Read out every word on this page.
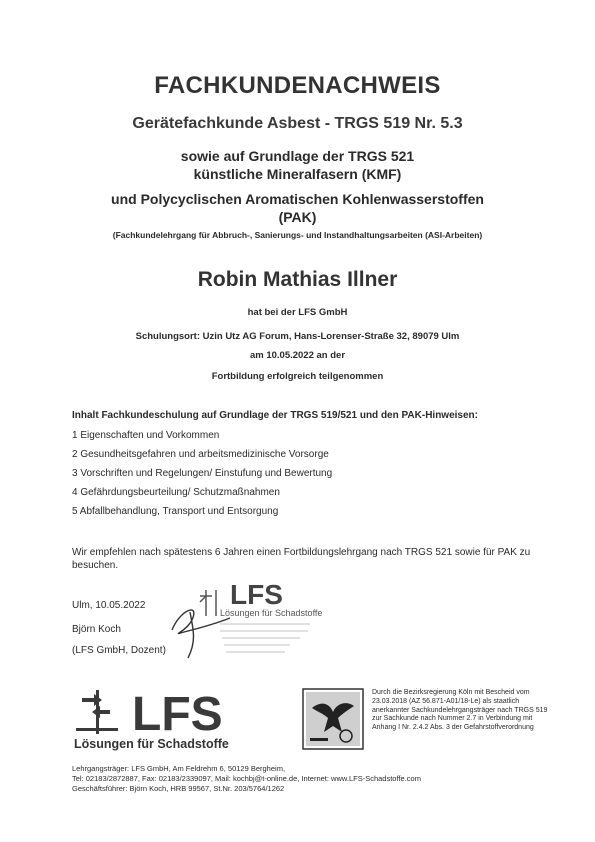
FACHKUNDENACHWEIS
Gerätefachkunde Asbest - TRGS 519 Nr. 5.3
sowie auf Grundlage der TRGS 521
künstliche Mineralfasern (KMF)
und Polycyclischen Aromatischen Kohlenwasserstoffen
(PAK)
(Fachkundelehrgang für Abbruch-, Sanierungs- und Instandhaltungsarbeiten (ASI-Arbeiten)
Robin Mathias Illner
hat bei der LFS GmbH
Schulungsort: Uzin Utz AG Forum, Hans-Lorenser-Straße 32, 89079 Ulm
am 10.05.2022 an der
Fortbildung erfolgreich teilgenommen
Inhalt Fachkundeschulung auf Grundlage der TRGS 519/521 und den PAK-Hinweisen:
1 Eigenschaften und Vorkommen
2 Gesundheitsgefahren und arbeitsmedizinische Vorsorge
3 Vorschriften und Regelungen/ Einstufung und Bewertung
4 Gefährdungsbeurteilung/ Schutzmaßnahmen
5 Abfallbehandlung, Transport und Entsorgung
Wir empfehlen nach spätestens 6 Jahren einen Fortbildungslehrgang nach TRGS 521 sowie für PAK zu besuchen.
LFS
Lösungen für Schadstoffe
Ulm, 10.05.2022
Björn Koch
(LFS GmbH, Dozent)
LFS
Lösungen für Schadstoffe
Durch die Bezirksregierung Köln mit Bescheid vom 23.03.2018 (AZ 56.871-A01/18-Le) als staatlich anerkannter Sachkundelehrgangsträger nach TRGS 519 zur Sachkunde nach Nummer 2.7 in Verbindung mit Anhang I Nr. 2.4.2 Abs. 3 der Gefahrstoffverordnung
Lehrgangsträger: LFS GmbH, Am Feldrehm 6, 50129 Bergheim,
Tel: 02183/2872887, Fax: 02183/2339097, Mail: kochbj@t-online.de, Internet: www.LFS-Schadstoffe.com
Geschäftsführer: Björn Koch, HRB 99567, St.Nr. 203/5764/1262
